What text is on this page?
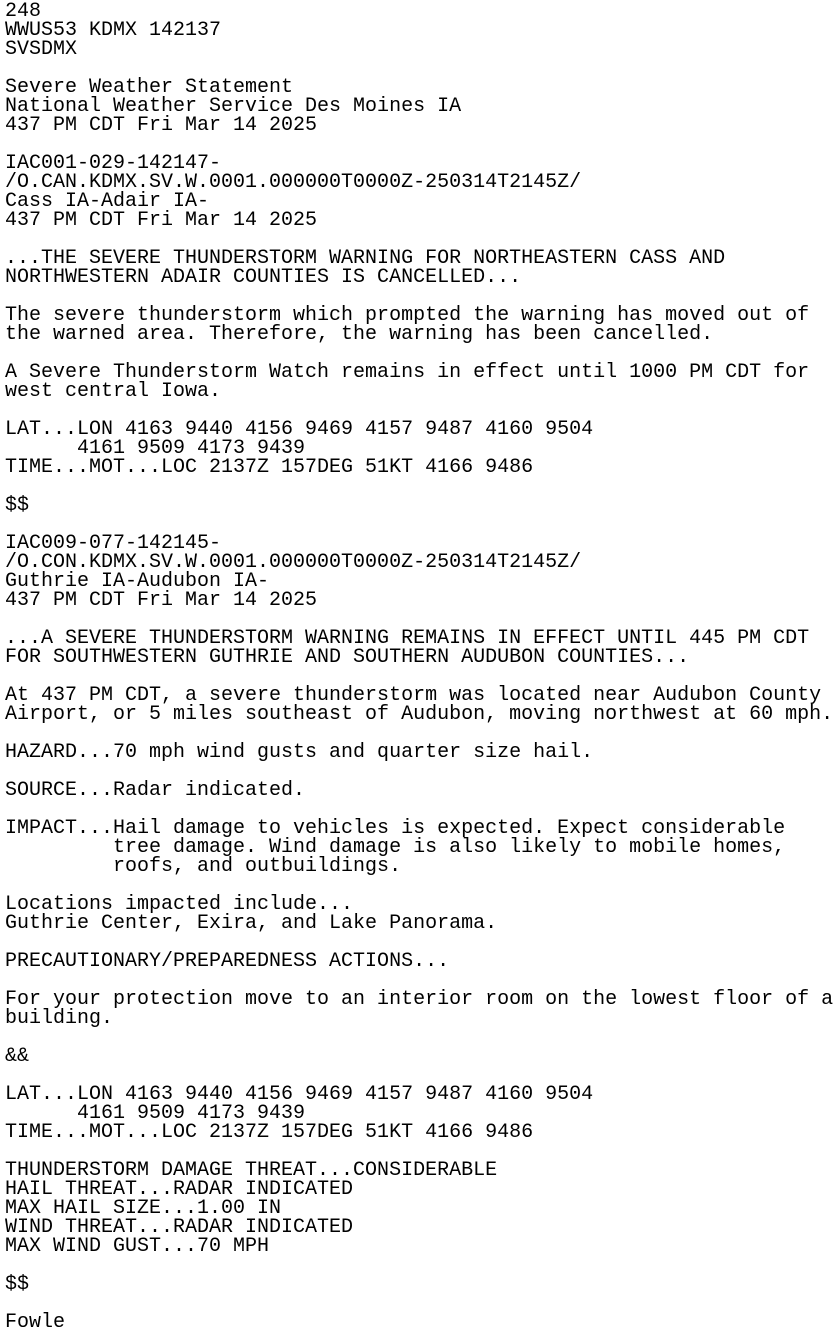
248
WWUS53 KDMX 142137
SVSDMX
Severe Weather Statement
National Weather Service Des Moines IA
437 PM CDT Fri Mar 14 2025
IAC001-029-142147-
/O.CAN.KDMX.SV.W.0001.000000T0000Z-250314T2145Z/
Cass IA-Adair IA-
437 PM CDT Fri Mar 14 2025
...THE SEVERE THUNDERSTORM WARNING FOR NORTHEASTERN CASS AND
NORTHWESTERN ADAIR COUNTIES IS CANCELLED...
The severe thunderstorm which prompted the warning has moved out of
the warned area. Therefore, the warning has been cancelled.
A Severe Thunderstorm Watch remains in effect until 1000 PM CDT for
west central Iowa.
LAT...LON 4163 9440 4156 9469 4157 9487 4160 9504
4161 9509 4173 9439
TIME...MOT...LOC 2137Z 157DEG 51KT 4166 9486
$$
IAC009-077-142145-
/O.CON.KDMX.SV.W.0001.000000T0000Z-250314T2145Z/
Guthrie IA-Audubon IA-
437 PM CDT Fri Mar 14 2025
...A SEVERE THUNDERSTORM WARNING REMAINS IN EFFECT UNTIL 445 PM CDT
FOR SOUTHWESTERN GUTHRIE AND SOUTHERN AUDUBON COUNTIES...
At 437 PM CDT, a severe thunderstorm was located near Audubon County
Airport, or 5 miles southeast of Audubon, moving northwest at 60 mph.
HAZARD...70 mph wind gusts and quarter size hail.
SOURCE...Radar indicated.
IMPACT...Hail damage to vehicles is expected. Expect considerable
tree damage. Wind damage is also likely to mobile homes,
roofs, and outbuildings.
Locations impacted include...
Guthrie Center, Exira, and Lake Panorama.
PRECAUTIONARY/PREPAREDNESS ACTIONS...
For your protection move to an interior room on the lowest floor of a
building.
&&
LAT...LON 4163 9440 4156 9469 4157 9487 4160 9504
4161 9509 4173 9439
TIME...MOT...LOC 2137Z 157DEG 51KT 4166 9486
THUNDERSTORM DAMAGE THREAT...CONSIDERABLE
HAIL THREAT...RADAR INDICATED
MAX HAIL SIZE...1.00 IN
WIND THREAT...RADAR INDICATED
MAX WIND GUST...70 MPH
$$
Fowle
